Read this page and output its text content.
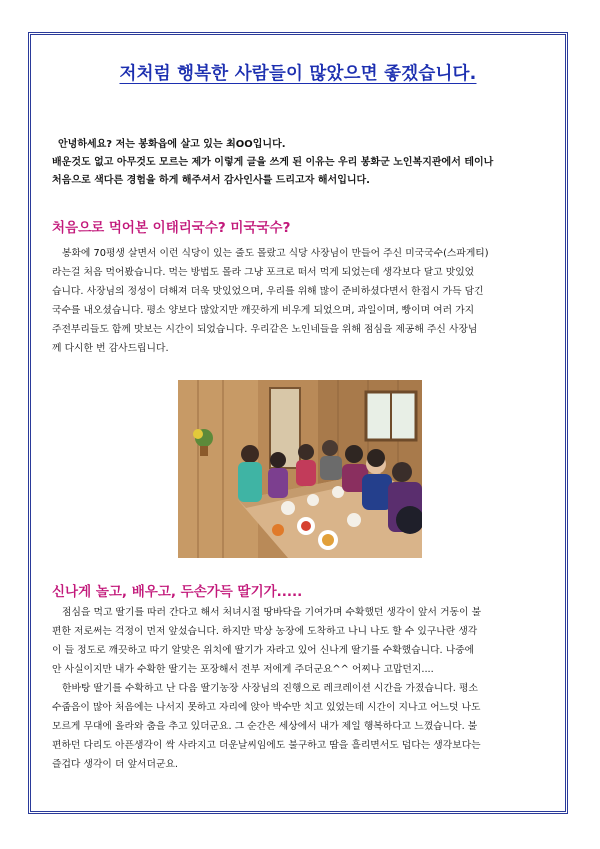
저처럼 행복한 사람들이 많았으면 좋겠습니다.
안녕하세요? 저는 봉화읍에 살고 있는 최OO입니다.
배운것도 없고 아무것도 모르는 제가 이렇게 글을 쓰게 된 이유는 우리 봉화군 노인복지관에서 테이나
처음으로 색다른 경험을 하게 해주셔서 감사인사를 드리고자 해서입니다.
처음으로 먹어본 이태리국수? 미국국수?
봉화에 70평생 살면서 이런 식당이 있는 줄도 몰랐고 식당 사장님이 만들어 주신 미국국수(스파게티)
라는걸 처음 먹어봤습니다. 먹는 방법도 몰라 그냥 포크로 떠서 먹게 되었는데 생각보다 달고 맛있었
습니다. 사장님의 정성이 더해져 더욱 맛있었으며, 우리를 위해 많이 준비하셨다면서 한접시 가득 담긴
국수를 내오셨습니다. 평소 양보다 많았지만 깨끗하게 비우게 되었으며, 과일이며, 빵이며 여러 가지
주전부리들도 함께 맛보는 시간이 되었습니다. 우리같은 노인네들을 위해 점심을 제공해 주신 사장님
께 다시한 번 감사드립니다.
신나게 놀고, 배우고, 두손가득 딸기가.....
점심을 먹고 딸기를 따러 간다고 해서 처녀시절 땅바닥을 기여가며 수확했던 생각이 앞서 거동이 불
편한 저로써는 걱정이 먼저 앞섰습니다. 하지만 막상 농장에 도착하고 나니 나도 할 수 있구나란 생각
이 들 정도로 깨끗하고 따기 알맞은 위치에 딸기가 자라고 있어 신나게 딸기를 수확했습니다. 나중에
안 사실이지만 내가 수확한 딸기는 포장해서 전부 저에게 주더군요^^ 어찌나 고맙던지....
한바탕 딸기를 수확하고 난 다음 딸기농장 사장님의 진행으로 레크레이션 시간을 가졌습니다. 평소
수줍음이 많아 처음에는 나서지 못하고 자리에 앉아 박수만 치고 있었는데 시간이 지나고 어느덧 나도
모르게 무대에 올라와 춤을 추고 있더군요. 그 순간은 세상에서 내가 제일 행복하다고 느꼈습니다. 불
편하던 다리도 아픈생각이 싹 사라지고 더운날씨임에도 불구하고 땀을 흘리면서도 덥다는 생각보다는
즐겁다 생각이 더 앞서더군요.
